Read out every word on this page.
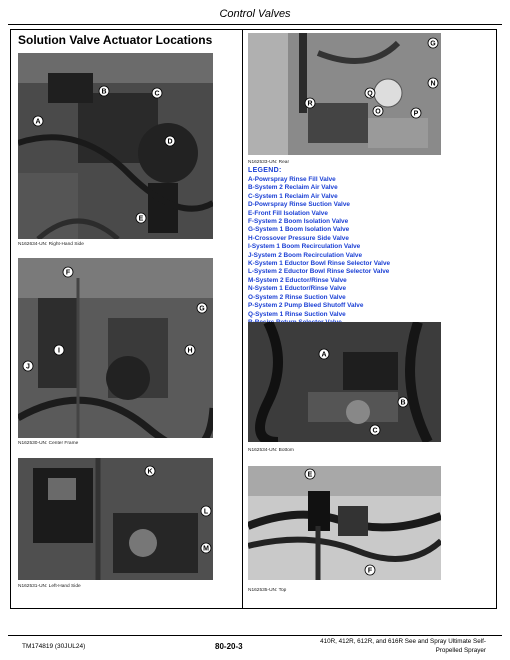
Control Valves
Solution Valve Actuator Locations
A
B	C
D
E
N162634-UN: Right-Hand Side
F
G
H
I
J
N162530-UN: Center Frame
K
L
M
N162531-UN: Left-Hand Side
G
N
O	P
Q
R
N162533-UN: Rear
LEGEND:
A-Powrspray Rinse Fill Valve
B-System 2 Reclaim Air Valve
C-System 1 Reclaim Air Valve
D-Powrspray Rinse Suction Valve
E-Front Fill Isolation Valve
F-System 2 Boom Isolation Valve
G-System 1 Boom Isolation Valve
H-Crossover Pressure Side Valve
I-System 1 Boom Recirculation Valve
J-System 2 Boom Recirculation Valve
K-System 1 Eductor Bowl Rinse Selector Valve
L-System 2 Eductor Bowl Rinse Selector Valve
M-System 2 Eductor/Rinse Valve
N-System 1 Eductor/Rinse Valve
O-System 2 Rinse Suction Valve
P-System 2 Pump Bleed Shutoff Valve
Q-System 1 Rinse Suction Valve
A
B
C
N162534-UN: Bottom
E
F
N162535-UN: Top
TM174819 (30JUL24)	80-20-3
410R, 412R, 612R, and 616R See and Spray Ultimate Self-
Propelled Sprayer
